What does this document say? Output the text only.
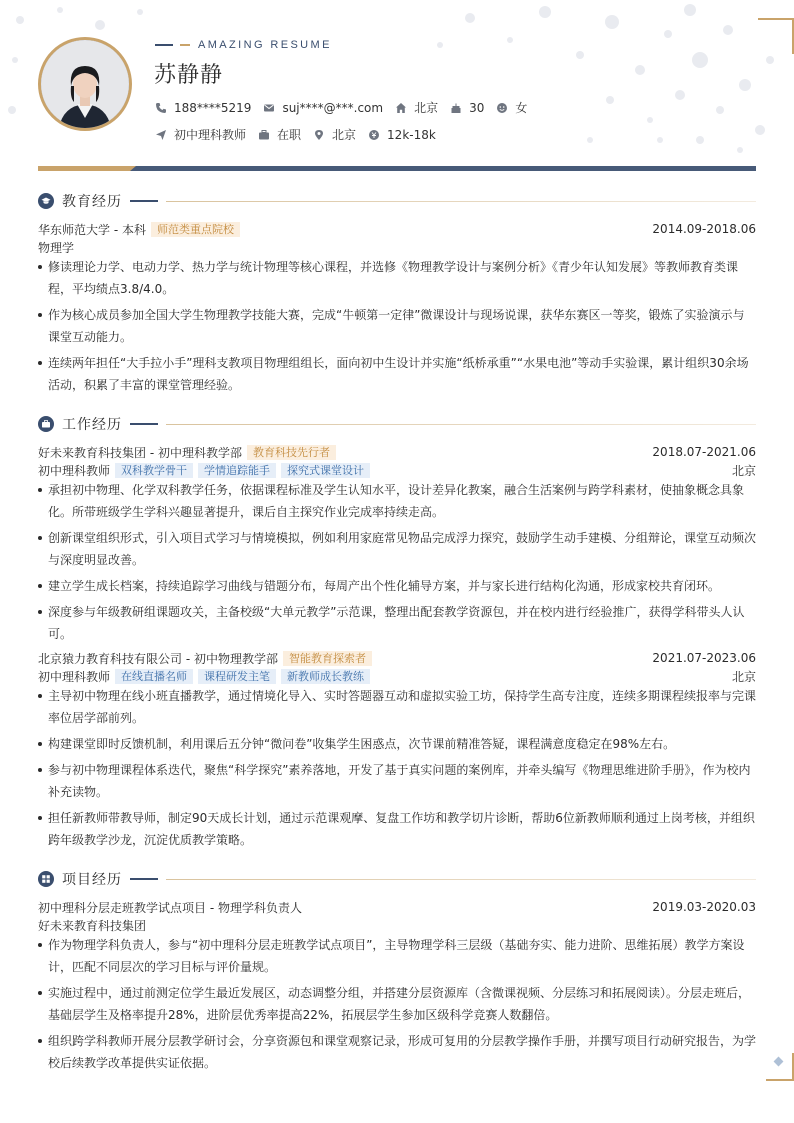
AMAZING RESUME
苏静静
188****5219	suj****@***.com	北京	30	女
初中理科教师	在职	北京	12k-18k
教育经历
华东师范大学 - 本科	师范类重点院校	2014.09-2018.06
物理学
修读理论力学、电动力学、热力学与统计物理等核心课程，并选修《物理教学设计与案例分析》《青少年认知发展》等教师教育类课程，平均绩点3.8/4.0。
作为核心成员参加全国大学生物理教学技能大赛，完成“牛顿第一定律”微课设计与现场说课，获华东赛区一等奖，锻炼了实验演示与课堂互动能力。
连续两年担任“大手拉小手”理科支教项目物理组组长，面向初中生设计并实施“纸桥承重”“水果电池”等动手实验课，累计组织30余场活动，积累了丰富的课堂管理经验。
工作经历
好未来教育科技集团 - 初中理科教学部	教育科技先行者	2018.07-2021.06
初中理科教师	双科教学骨干	学情追踪能手	探究式课堂设计	北京
承担初中物理、化学双科教学任务，依据课程标准及学生认知水平，设计差异化教案，融合生活案例与跨学科素材，使抽象概念具象化。所带班级学生学科兴趣显著提升，课后自主探究作业完成率持续走高。
创新课堂组织形式，引入项目式学习与情境模拟，例如利用家庭常见物品完成浮力探究，鼓励学生动手建模、分组辩论，课堂互动频次与深度明显改善。
建立学生成长档案，持续追踪学习曲线与错题分布，每周产出个性化辅导方案，并与家长进行结构化沟通，形成家校共育闭环。
深度参与年级教研组课题攻关，主备校级“大单元教学”示范课，整理出配套教学资源包，并在校内进行经验推广，获得学科带头人认可。
北京猿力教育科技有限公司 - 初中物理教学部	智能教育探索者	2021.07-2023.06
初中理科教师	在线直播名师	课程研发主笔	新教师成长教练	北京
主导初中物理在线小班直播教学，通过情境化导入、实时答题器互动和虚拟实验工坊，保持学生高专注度，连续多期课程续报率与完课率位居学部前列。
构建课堂即时反馈机制，利用课后五分钟“微问卷”收集学生困惑点，次节课前精准答疑，课程满意度稳定在98%左右。
参与初中物理课程体系迭代，聚焦“科学探究”素养落地，开发了基于真实问题的案例库，并牵头编写《物理思维进阶手册》，作为校内补充读物。
担任新教师带教导师，制定90天成长计划，通过示范课观摩、复盘工作坊和教学切片诊断，帮助6位新教师顺利通过上岗考核，并组织跨年级教学沙龙，沉淀优质教学策略。
项目经历
初中理科分层走班教学试点项目 - 物理学科负责人	2019.03-2020.03
好未来教育科技集团
作为物理学科负责人，参与“初中理科分层走班教学试点项目”，主导物理学科三层级（基础夯实、能力进阶、思维拓展）教学方案设计，匹配不同层次的学习目标与评价量规。
实施过程中，通过前测定位学生最近发展区，动态调整分组，并搭建分层资源库（含微课视频、分层练习和拓展阅读）。分层走班后，基础层学生及格率提升28%，进阶层优秀率提高22%，拓展层学生参加区级科学竞赛人数翻倍。
组织跨学科教师开展分层教学研讨会，分享资源包和课堂观察记录，形成可复用的分层教学操作手册，并撰写项目行动研究报告，为学校后续教学改革提供实证依据。
